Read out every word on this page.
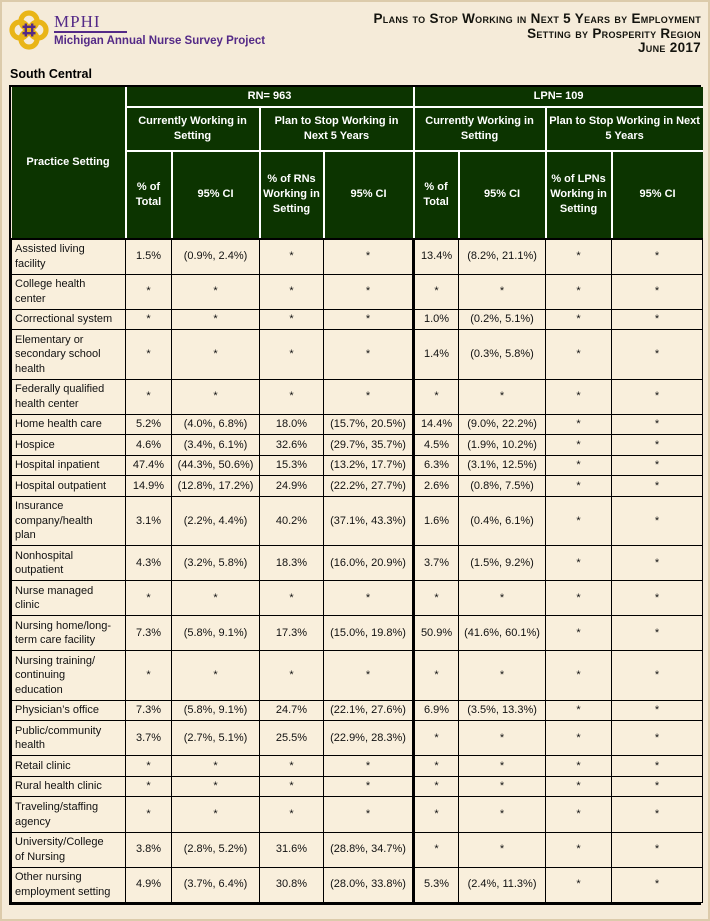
MPHI
Michigan Annual Nurse Survey Project
Plans to Stop Working in Next 5 Years by Employment
Setting by Prosperity Region
June 2017
South Central
Practice Setting	RN= 963				LPN= 109			
	Currently Working in Setting		Plan to Stop Working in Next 5 Years		Currently Working in Setting		Plan to Stop Working in Next 5 Years	
	% of Total	95% CI	% of RNs Working in Setting	95% CI	% of Total	95% CI	% of LPNs Working in Setting	95% CI
Assisted living facility	1.5%	(0.9%, 2.4%)	*	*	13.4%	(8.2%, 21.1%)	*	*
College health center	*	*	*	*	*	*	*	*
Correctional system	*	*	*	*	1.0%	(0.2%, 5.1%)	*	*
Elementary or secondary school health	*	*	*	*	1.4%	(0.3%, 5.8%)	*	*
Federally qualified health center	*	*	*	*	*	*	*	*
Home health care	5.2%	(4.0%, 6.8%)	18.0%	(15.7%, 20.5%)	14.4%	(9.0%, 22.2%)	*	*
Hospice	4.6%	(3.4%, 6.1%)	32.6%	(29.7%, 35.7%)	4.5%	(1.9%, 10.2%)	*	*
Hospital inpatient	47.4%	(44.3%, 50.6%)	15.3%	(13.2%, 17.7%)	6.3%	(3.1%, 12.5%)	*	*
Hospital outpatient	14.9%	(12.8%, 17.2%)	24.9%	(22.2%, 27.7%)	2.6%	(0.8%, 7.5%)	*	*
Insurance company/health plan	3.1%	(2.2%, 4.4%)	40.2%	(37.1%, 43.3%)	1.6%	(0.4%, 6.1%)	*	*
Nonhospital outpatient	4.3%	(3.2%, 5.8%)	18.3%	(16.0%, 20.9%)	3.7%	(1.5%, 9.2%)	*	*
Nurse managed clinic	*	*	*	*	*	*	*	*
Nursing home/long-term care facility	7.3%	(5.8%, 9.1%)	17.3%	(15.0%, 19.8%)	50.9%	(41.6%, 60.1%)	*	*
Nursing training/ continuing education	*	*	*	*	*	*	*	*
Physician’s office	7.3%	(5.8%, 9.1%)	24.7%	(22.1%, 27.6%)	6.9%	(3.5%, 13.3%)	*	*
Public/community health	3.7%	(2.7%, 5.1%)	25.5%	(22.9%, 28.3%)	*	*	*	*
Retail clinic	*	*	*	*	*	*	*	*
Rural health clinic	*	*	*	*	*	*	*	*
Traveling/staffing agency	*	*	*	*	*	*	*	*
University/College of Nursing	3.8%	(2.8%, 5.2%)	31.6%	(28.8%, 34.7%)	*	*	*	*
Other nursing employment setting	4.9%	(3.7%, 6.4%)	30.8%	(28.0%, 33.8%)	5.3%	(2.4%, 11.3%)	*	*
